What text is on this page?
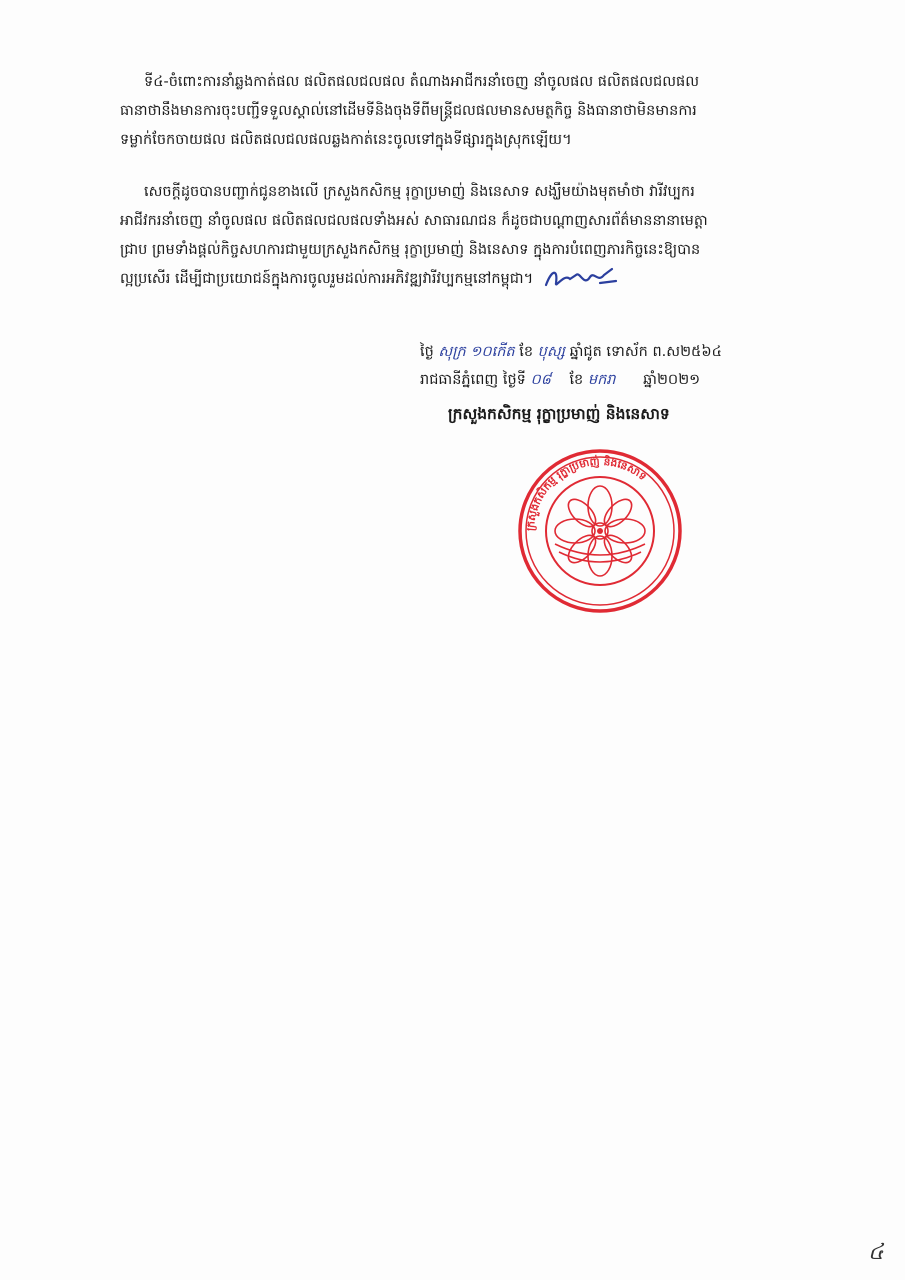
ទី៤-ចំពោះការនាំឆ្លងកាត់ផល ផលិតផលជលផល តំណាងអាជីករនាំចេញ នាំចូលផល ផលិតផលជលផល
ធានាថានឹងមានការចុះបញ្ជីទទួលស្គាល់នៅដើមទីនិងចុងទីពីមន្ត្រីជលផលមានសមត្ថកិច្ច និងធានាថាមិនមានការ
ទម្លាក់ចែកចាយផល ផលិតផលជលផលឆ្លងកាត់នេះចូលទៅក្នុងទីផ្សារក្នុងស្រុកឡើយ។
សេចក្ដីដូចបានបញ្ជាក់ជូនខាងលើ ក្រសួងកសិកម្ម រុក្ខាប្រមាញ់ និងនេសាទ សង្ឃឹមយ៉ាងមុតមាំថា វារីវប្បករ
អាជីវករនាំចេញ នាំចូលផល ផលិតផលជលផលទាំងអស់ សាធារណជន ក៏ដូចជាបណ្ដាញសារព័ត៌មាននានាមេត្តា
ជ្រាប ព្រមទាំងផ្ដល់កិច្ចសហការជាមួយក្រសួងកសិកម្ម រុក្ខាប្រមាញ់ និងនេសាទ ក្នុងការបំពេញភារកិច្ចនេះឱ្យបាន
ល្អប្រសើរ ដើម្បីជាប្រយោជន៍ក្នុងការចូលរួមដល់ការអភិវឌ្ឍវារីវប្បកម្មនៅកម្ពុជា។
ថ្ងៃ សុក្រ ១០កើត ខែ បុស្ស ឆ្នាំជូត ទោស័ក ព.ស២៥៦៤
រាជធានីភ្នំពេញ ថ្ងៃទី ០៨ ខែ មករា ឆ្នាំ២០២១
ក្រសួងកសិកម្ម រុក្ខាប្រមាញ់ និងនេសាទ
ក្រសួងកសិកម្ម រុក្ខាប្រមាញ់ និងនេសាទ
៤
